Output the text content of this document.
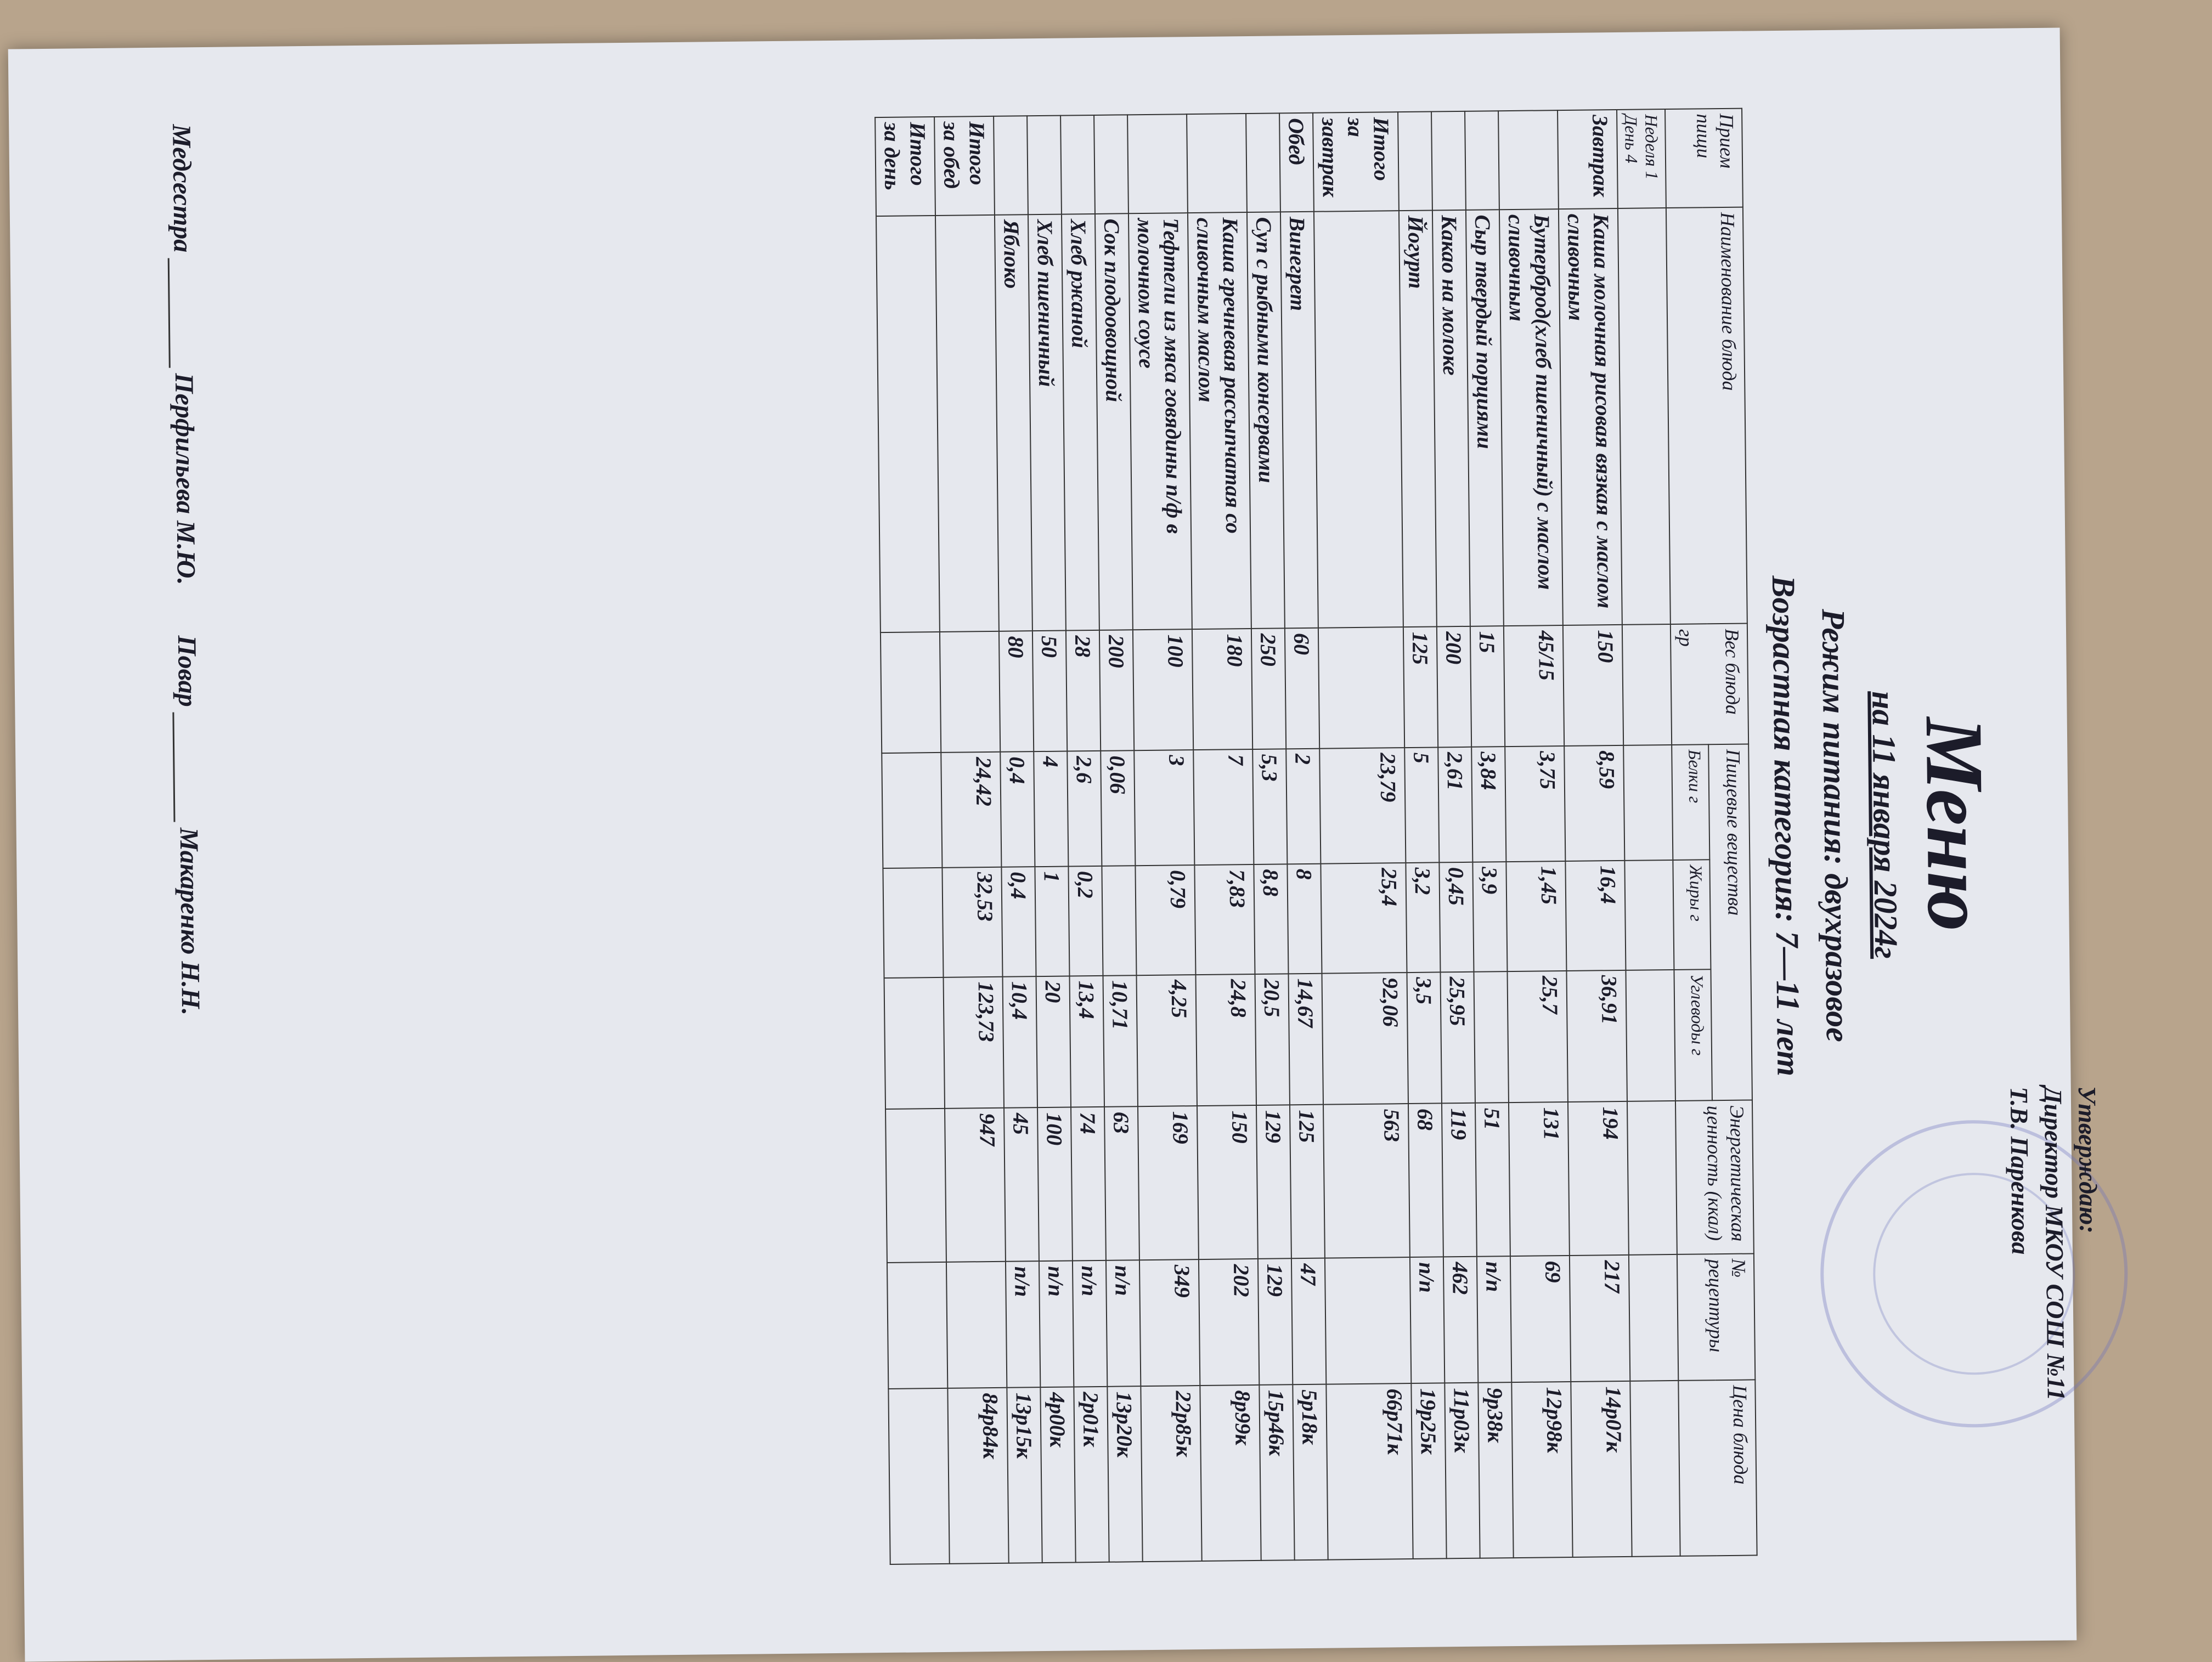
Утверждаю:
Директор МКОУ СОШ №11
Т.В. Паренкова
Меню
на 11 января 2024г
Режим питания: двухразовое
Возрастная категория: 7—11 лет
Прием пищи	Наименование блюда	Вес блюда

гр	Пищевые вещества			Энергетическая ценность (ккал)	№ рецептуры	Цена блюда
			Белки г	Жиры г	Углеводы г			
Неделя 1 День 4								
Завтрак	Каша молочная рисовая вязкая с маслом сливочным	150	8,59	16,4	36,91	194	217	14р07к
	Бутерброд(хлеб пшеничный) с маслом сливочным	45/15	3,75	1,45	25,7	131	69	12р98к
	Сыр твердый порциями	15	3,84	3,9		51	п/п	9р38к
	Какао на молоке	200	2,61	0,45	25,95	119	462	11р03к
	Йогурт	125	5	3,2	3,5	68	п/п	19р25к
Итого за завтрак			23,79	25,4	92,06	563		66р71к
Обед	Винегрет	60	2	8	14,67	125	47	5р18к
	Суп с рыбными консервами	250	5,3	8,8	20,5	129	129	15р46к
	Каша гречневая рассыпчатая со сливочным маслом	180	7	7,83	24,8	150	202	8р99к
	Тефтели из мяса говядины п/ф в молочном соусе	100	3	0,79	4,25	169	349	22р85к
	Сок плодоовощной	200	0,06		10,71	63	п/п	13р20к
	Хлеб ржаной	28	2,6	0,2	13,4	74	п/п	2р01к
	Хлеб пшеничный	50	4	1	20	100	п/п	4р00к
	Яблоко	80	0,4	0,4	10,4	45	п/п	13р15к
Итого за обед			24,42	32,53	123,73	947		84р84к
Итого за день								
МедсестраПерфильева М.Ю. ПоварМакаренко Н.Н.
